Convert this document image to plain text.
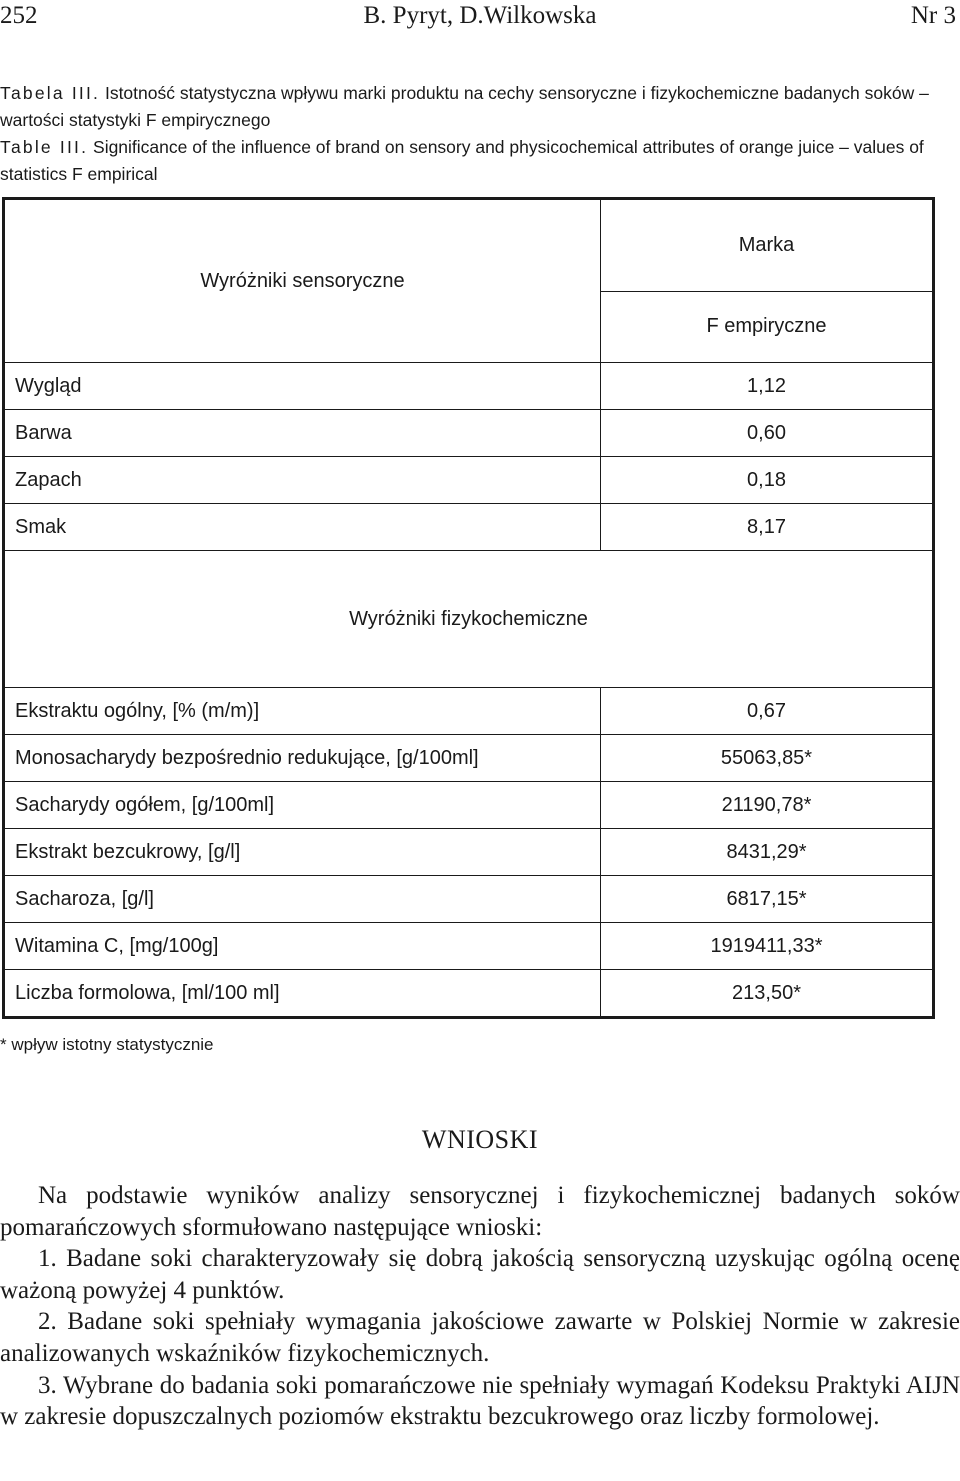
252	B. Pyryt, D.Wilkowska	Nr 3
Tabela III. Istotność statystyczna wpływu marki produktu na cechy sensoryczne i fizykochemiczne badanych soków – wartości statystyki F empirycznego
Table III. Significance of the influence of brand on sensory and physicochemical attributes of orange juice – values of statistics F empirical
Wyróżniki sensoryczne	Marka
	F empiryczne
Wygląd	1,12
Barwa	0,60
Zapach	0,18
Smak	8,17
Wyróżniki fizykochemiczne	
Ekstraktu ogólny, [% (m/m)]	0,67
Monosacharydy bezpośrednio redukujące, [g/100ml]	55063,85*
Sacharydy ogółem, [g/100ml]	21190,78*
Ekstrakt bezcukrowy, [g/l]	8431,29*
Sacharoza, [g/l]	6817,15*
Witamina C, [mg/100g]	1919411,33*
Liczba formolowa, [ml/100 ml]	213,50*
* wpływ istotny statystycznie
WNIOSKI

Na podstawie wyników analizy sensorycznej i fizykochemicznej badanych soków pomarańczowych sformułowano następujące wnioski:

1. Badane soki charakteryzowały się dobrą jakością sensoryczną uzyskując ogólną ocenę ważoną powyżej 4 punktów.

2. Badane soki spełniały wymagania jakościowe zawarte w Polskiej Normie w zakresie analizowanych wskaźników fizykochemicznych.

3. Wybrane do badania soki pomarańczowe nie spełniały wymagań Kodeksu Praktyki AIJN w zakresie dopuszczalnych poziomów ekstraktu bezcukrowego oraz liczby formolowej.
